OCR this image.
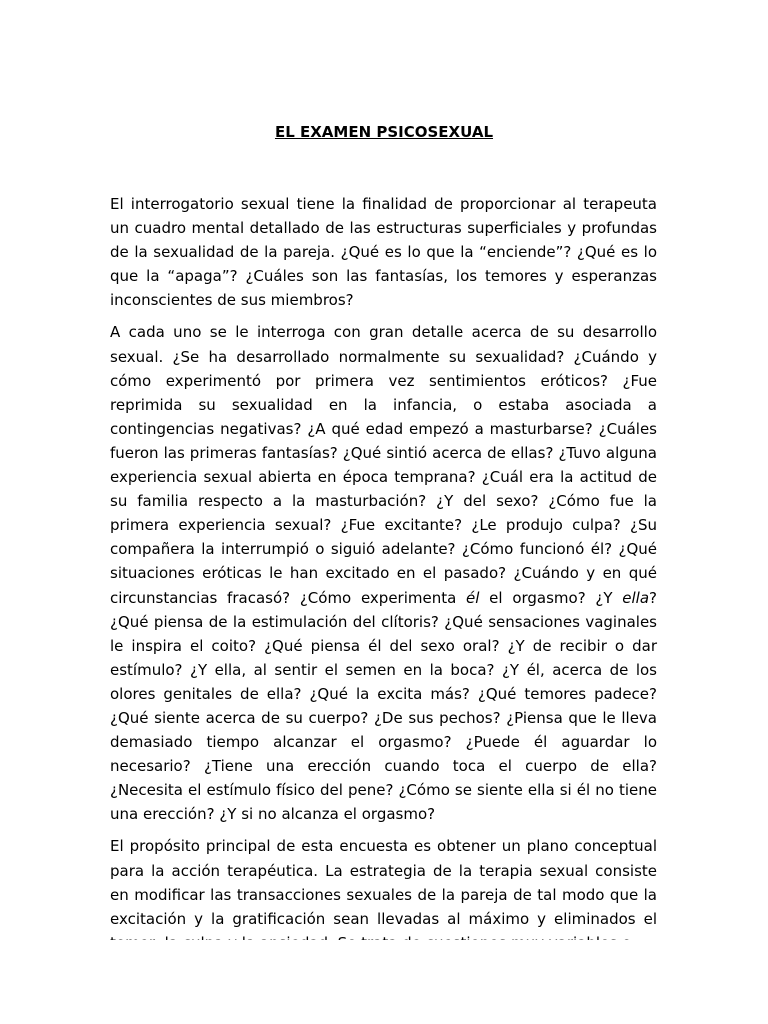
EL EXAMEN PSICOSEXUAL

El interrogatorio sexual tiene la finalidad de proporcionar al terapeuta un cuadro mental detallado de las estructuras superficiales y profundas de la sexualidad de la pareja. ¿Qué es lo que la “enciende”? ¿Qué es lo que la “apaga”? ¿Cuáles son las fantasías, los temores y esperanzas inconscientes de sus miembros?

A cada uno se le interroga con gran detalle acerca de su desarrollo sexual. ¿Se ha desarrollado normalmente su sexualidad? ¿Cuándo y cómo experimentó por primera vez sentimientos eróticos? ¿Fue reprimida su sexualidad en la infancia, o estaba asociada a contingencias negativas? ¿A qué edad empezó a masturbarse? ¿Cuáles fueron las primeras fantasías? ¿Qué sintió acerca de ellas? ¿Tuvo alguna experiencia sexual abierta en época temprana? ¿Cuál era la actitud de su familia respecto a la masturbación? ¿Y del sexo? ¿Cómo fue la primera experiencia sexual? ¿Fue excitante? ¿Le produjo culpa? ¿Su compañera la interrumpió o siguió adelante? ¿Cómo funcionó él? ¿Qué situaciones eróticas le han excitado en el pasado? ¿Cuándo y en qué circunstancias fracasó? ¿Cómo experimenta él el orgasmo? ¿Y ella? ¿Qué piensa de la estimulación del clítoris? ¿Qué sensaciones vaginales le inspira el coito? ¿Qué piensa él del sexo oral? ¿Y de recibir o dar estímulo? ¿Y ella, al sentir el semen en la boca? ¿Y él, acerca de los olores genitales de ella? ¿Qué la excita más? ¿Qué temores padece? ¿Qué siente acerca de su cuerpo? ¿De sus pechos? ¿Piensa que le lleva demasiado tiempo alcanzar el orgasmo? ¿Puede él aguardar lo necesario? ¿Tiene una erección cuando toca el cuerpo de ella? ¿Necesita el estímulo físico del pene? ¿Cómo se siente ella si él no tiene una erección? ¿Y si no alcanza el orgasmo?

El propósito principal de esta encuesta es obtener un plano conceptual para la acción terapéutica. La estrategia de la terapia sexual consiste en modificar las transacciones sexuales de la pareja de tal modo que la excitación y la gratificación sean llevadas al máximo y eliminados el
